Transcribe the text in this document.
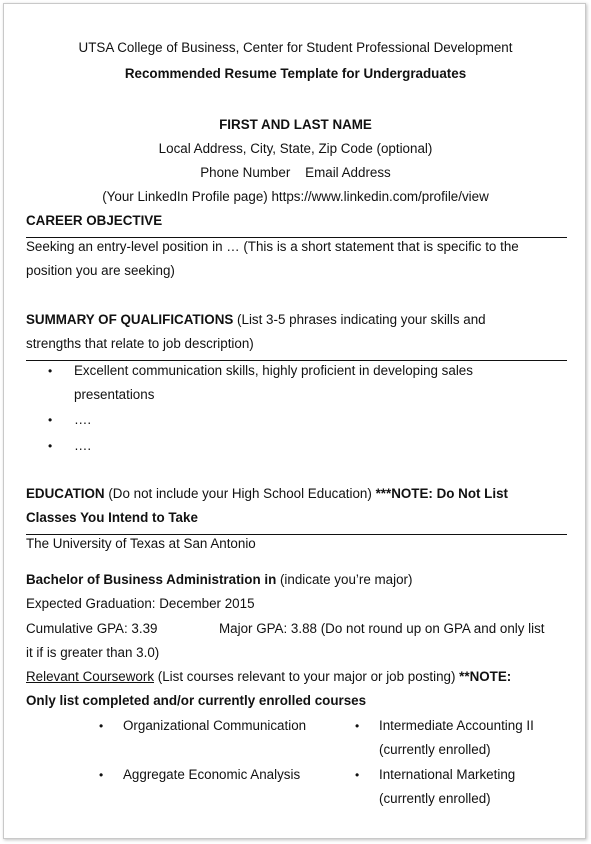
UTSA College of Business, Center for Student Professional Development
Recommended Resume Template for Undergraduates
FIRST AND LAST NAME
Local Address, City, State, Zip Code (optional)
Phone Number    Email Address
(Your LinkedIn Profile page) https://www.linkedin.com/profile/view
CAREER OBJECTIVE
Seeking an entry-level position in … (This is a short statement that is specific to the
position you are seeking)
SUMMARY OF QUALIFICATIONS (List 3-5 phrases indicating your skills and
strengths that relate to job description)
• Excellent communication skills, highly proficient in developing sales
presentations
• ….
• ….
EDUCATION (Do not include your High School Education) ***NOTE: Do Not List
Classes You Intend to Take
The University of Texas at San Antonio
Bachelor of Business Administration in (indicate you’re major)
Expected Graduation: December 2015
Cumulative GPA: 3.39	Major GPA: 3.88 (Do not round up on GPA and only list
it if is greater than 3.0)
Relevant Coursework (List courses relevant to your major or job posting) **NOTE:
Only list completed and/or currently enrolled courses
• Organizational Communication
• Aggregate Economic Analysis
• Intermediate Accounting II
(currently enrolled)
• International Marketing
(currently enrolled)
